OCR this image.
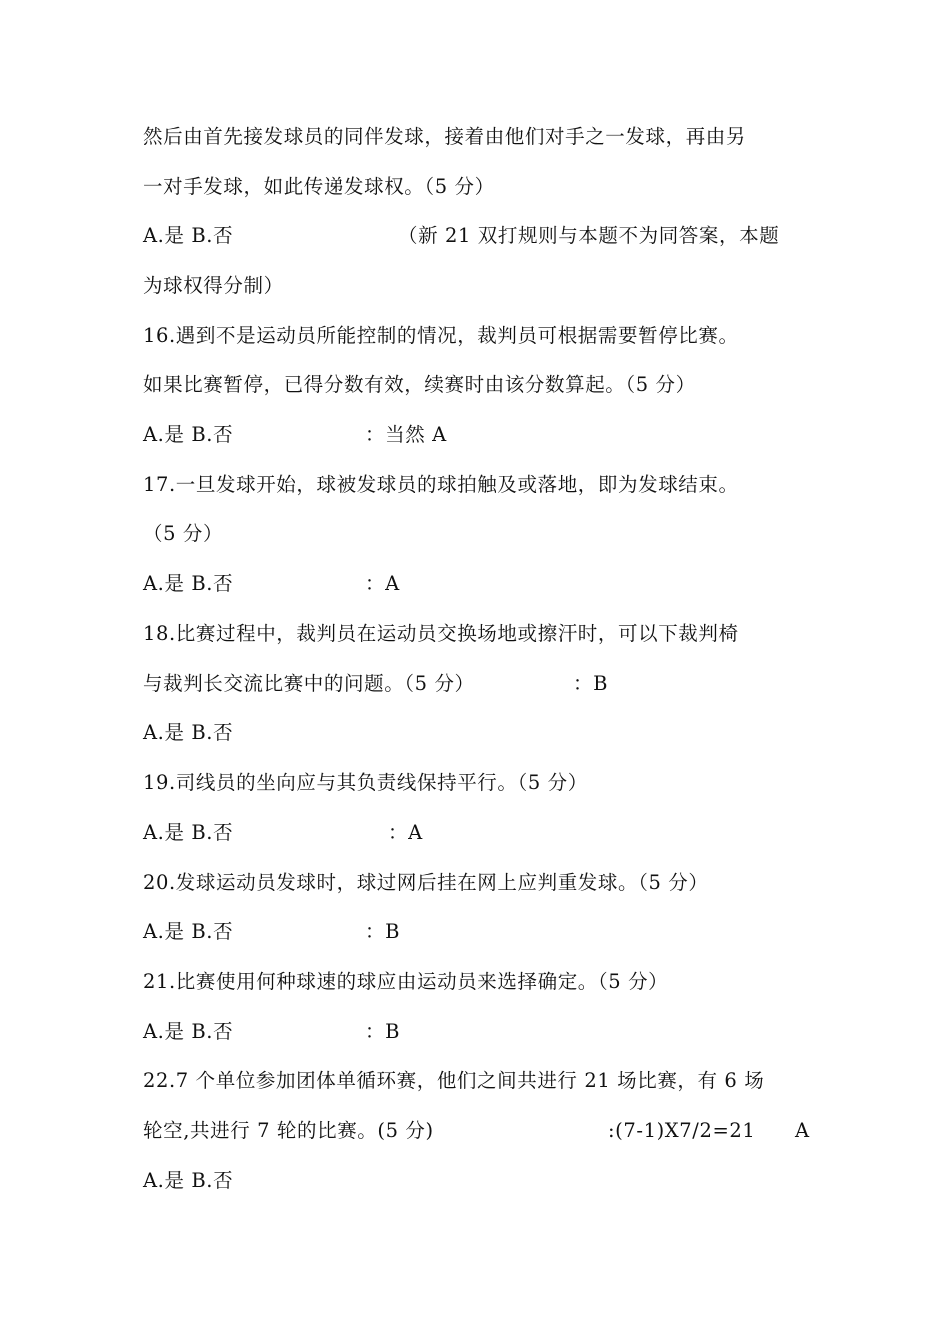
然后由首先接发球员的同伴发球，接着由他们对手之一发球，再由另
一对手发球，如此传递发球权。（5 分）
A.是 B.否	（新 21 双打规则与本题不为同答案，本题
为球权得分制）
16.遇到不是运动员所能控制的情况，裁判员可根据需要暂停比赛。
如果比赛暂停，已得分数有效，续赛时由该分数算起。（5 分）
A.是 B.否	：当然 A
17.一旦发球开始，球被发球员的球拍触及或落地，即为发球结束。
（5 分）
A.是 B.否	：A
18.比赛过程中，裁判员在运动员交换场地或擦汗时，可以下裁判椅
与裁判长交流比赛中的问题。（5 分）	：B
A.是 B.否
19.司线员的坐向应与其负责线保持平行。（5 分）
A.是 B.否	：A
20.发球运动员发球时，球过网后挂在网上应判重发球。（5 分）
A.是 B.否	：B
21.比赛使用何种球速的球应由运动员来选择确定。（5 分）
A.是 B.否	：B
22.7 个单位参加团体单循环赛，他们之间共进行 21 场比赛，有 6 场
轮空,共进行 7 轮的比赛。(5 分)	:(7-1)X7/2=21 A
A.是 B.否
